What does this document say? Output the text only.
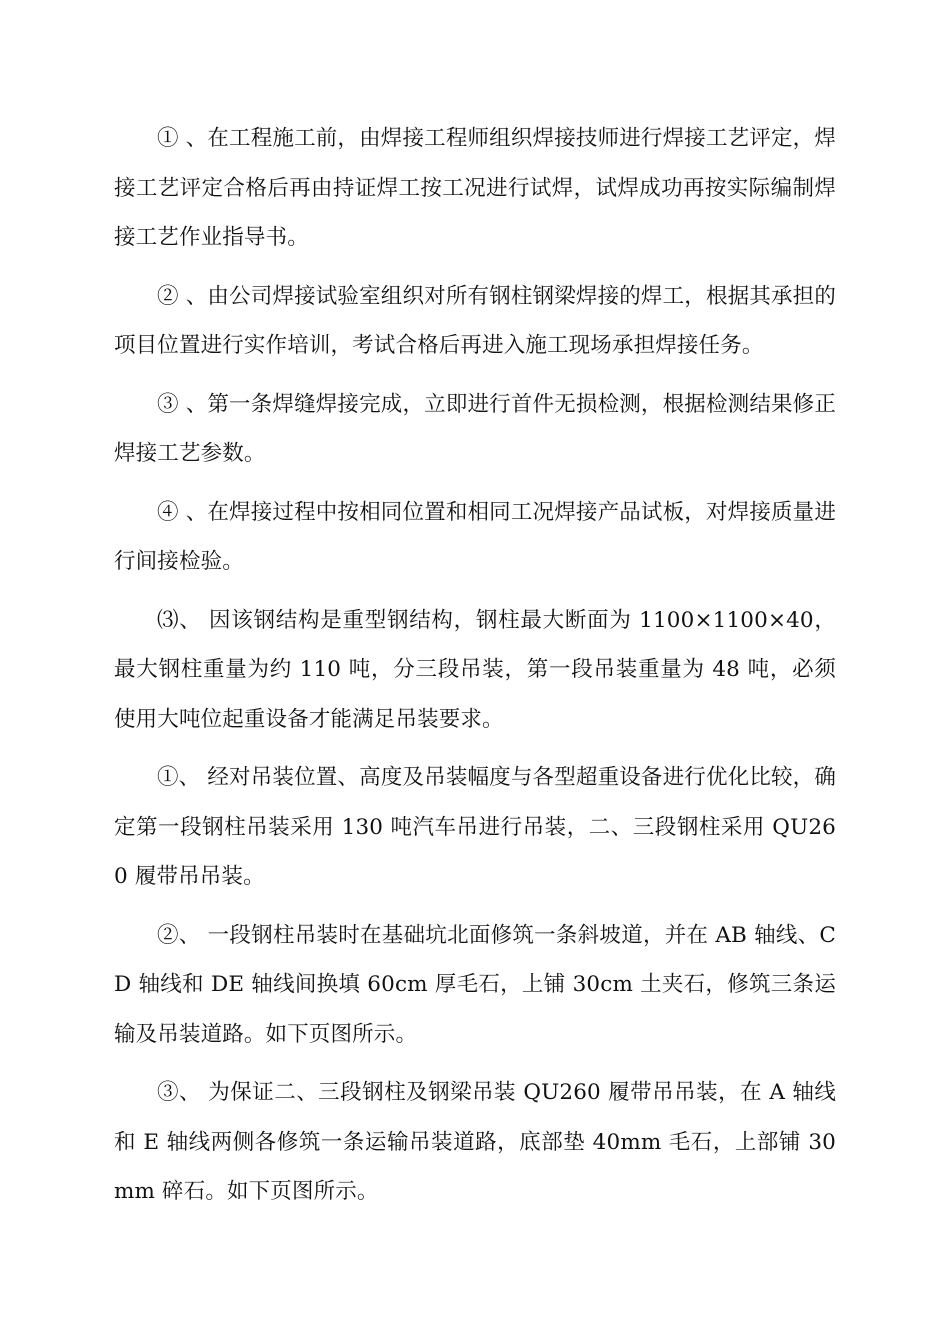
① 、在工程施工前，由焊接工程师组织焊接技师进行焊接工艺评定，焊接工艺评定合格后再由持证焊工按工况进行试焊，试焊成功再按实际编制焊接工艺作业指导书。

② 、由公司焊接试验室组织对所有钢柱钢梁焊接的焊工，根据其承担的项目位置进行实作培训，考试合格后再进入施工现场承担焊接任务。

③ 、第一条焊缝焊接完成，立即进行首件无损检测，根据检测结果修正焊接工艺参数。

④ 、在焊接过程中按相同位置和相同工况焊接产品试板，对焊接质量进行间接检验。

⑶、 因该钢结构是重型钢结构，钢柱最大断面为 1100×1100×40，最大钢柱重量为约 110 吨，分三段吊装，第一段吊装重量为 48 吨，必须使用大吨位起重设备才能满足吊装要求。

①、 经对吊装位置、高度及吊装幅度与各型超重设备进行优化比较，确定第一段钢柱吊装采用 130 吨汽车吊进行吊装，二、三段钢柱采用 QU260 履带吊吊装。

②、 一段钢柱吊装时在基础坑北面修筑一条斜坡道，并在 AB 轴线、CD 轴线和 DE 轴线间换填 60cm 厚毛石，上铺 30cm 土夹石，修筑三条运输及吊装道路。如下页图所示。

③、 为保证二、三段钢柱及钢梁吊装 QU260 履带吊吊装，在 A 轴线和 E 轴线两侧各修筑一条运输吊装道路，底部垫 40mm 毛石，上部铺 30mm 碎石。如下页图所示。
